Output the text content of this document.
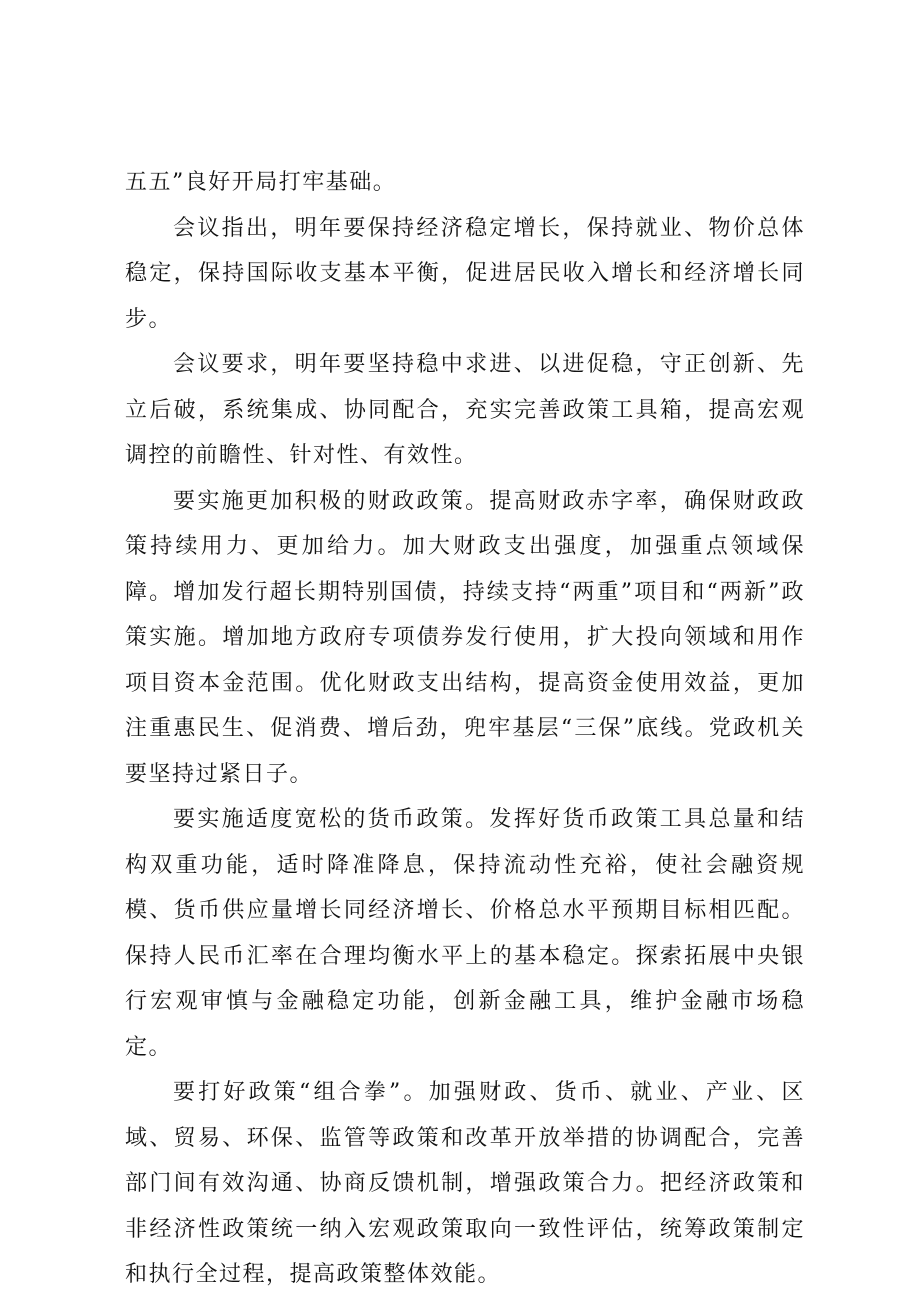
五五”良好开局打牢基础。

会议指出，明年要保持经济稳定增长，保持就业、物价总体稳定，保持国际收支基本平衡，促进居民收入增长和经济增长同步。

会议要求，明年要坚持稳中求进、以进促稳，守正创新、先立后破，系统集成、协同配合，充实完善政策工具箱，提高宏观调控的前瞻性、针对性、有效性。

要实施更加积极的财政政策。提高财政赤字率，确保财政政策持续用力、更加给力。加大财政支出强度，加强重点领域保障。增加发行超长期特别国债，持续支持“两重”项目和“两新”政策实施。增加地方政府专项债券发行使用，扩大投向领域和用作项目资本金范围。优化财政支出结构，提高资金使用效益，更加注重惠民生、促消费、增后劲，兜牢基层“三保”底线。党政机关要坚持过紧日子。

要实施适度宽松的货币政策。发挥好货币政策工具总量和结构双重功能，适时降准降息，保持流动性充裕，使社会融资规模、货币供应量增长同经济增长、价格总水平预期目标相匹配。保持人民币汇率在合理均衡水平上的基本稳定。探索拓展中央银行宏观审慎与金融稳定功能，创新金融工具，维护金融市场稳定。

要打好政策“组合拳”。加强财政、货币、就业、产业、区域、贸易、环保、监管等政策和改革开放举措的协调配合，完善部门间有效沟通、协商反馈机制，增强政策合力。把经济政策和非经济性政策统一纳入宏观政策取向一致性评估，统筹政策制定和执行全过程，提高政策整体效能。
